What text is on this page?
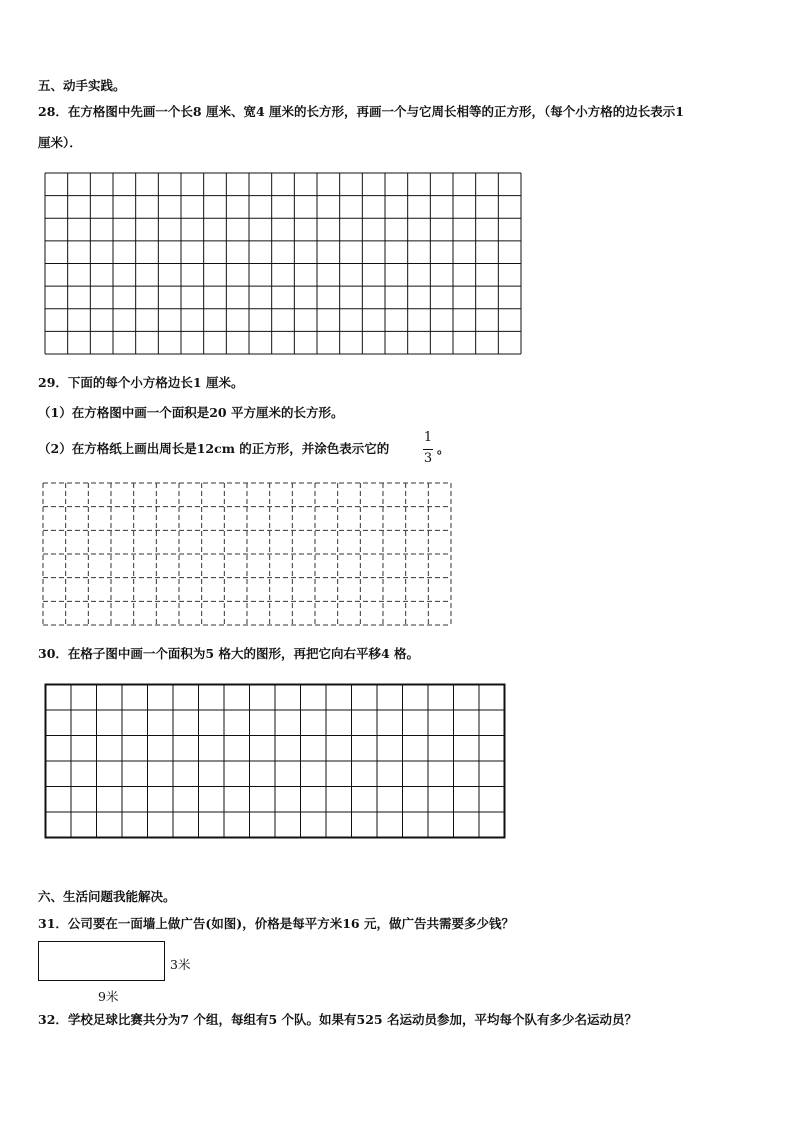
五、动手实践。
28．在方格图中先画一个长8 厘米、宽4 厘米的长方形，再画一个与它周长相等的正方形，（每个小方格的边长表示1
厘米）．
29．下面的每个小方格边长1 厘米。
（1）在方格图中画一个面积是20 平方厘米的长方形。
（2）在方格纸上画出周长是12cm 的正方形，并涂色表示它的
1
3
。
30．在格子图中画一个面积为5 格大的图形，再把它向右平移4 格。
六、生活问题我能解决。
31．公司要在一面墙上做广告(如图)，价格是每平方米16 元，做广告共需要多少钱？
3米
9米
32．学校足球比赛共分为7 个组，每组有5 个队。如果有525 名运动员参加，平均每个队有多少名运动员？
